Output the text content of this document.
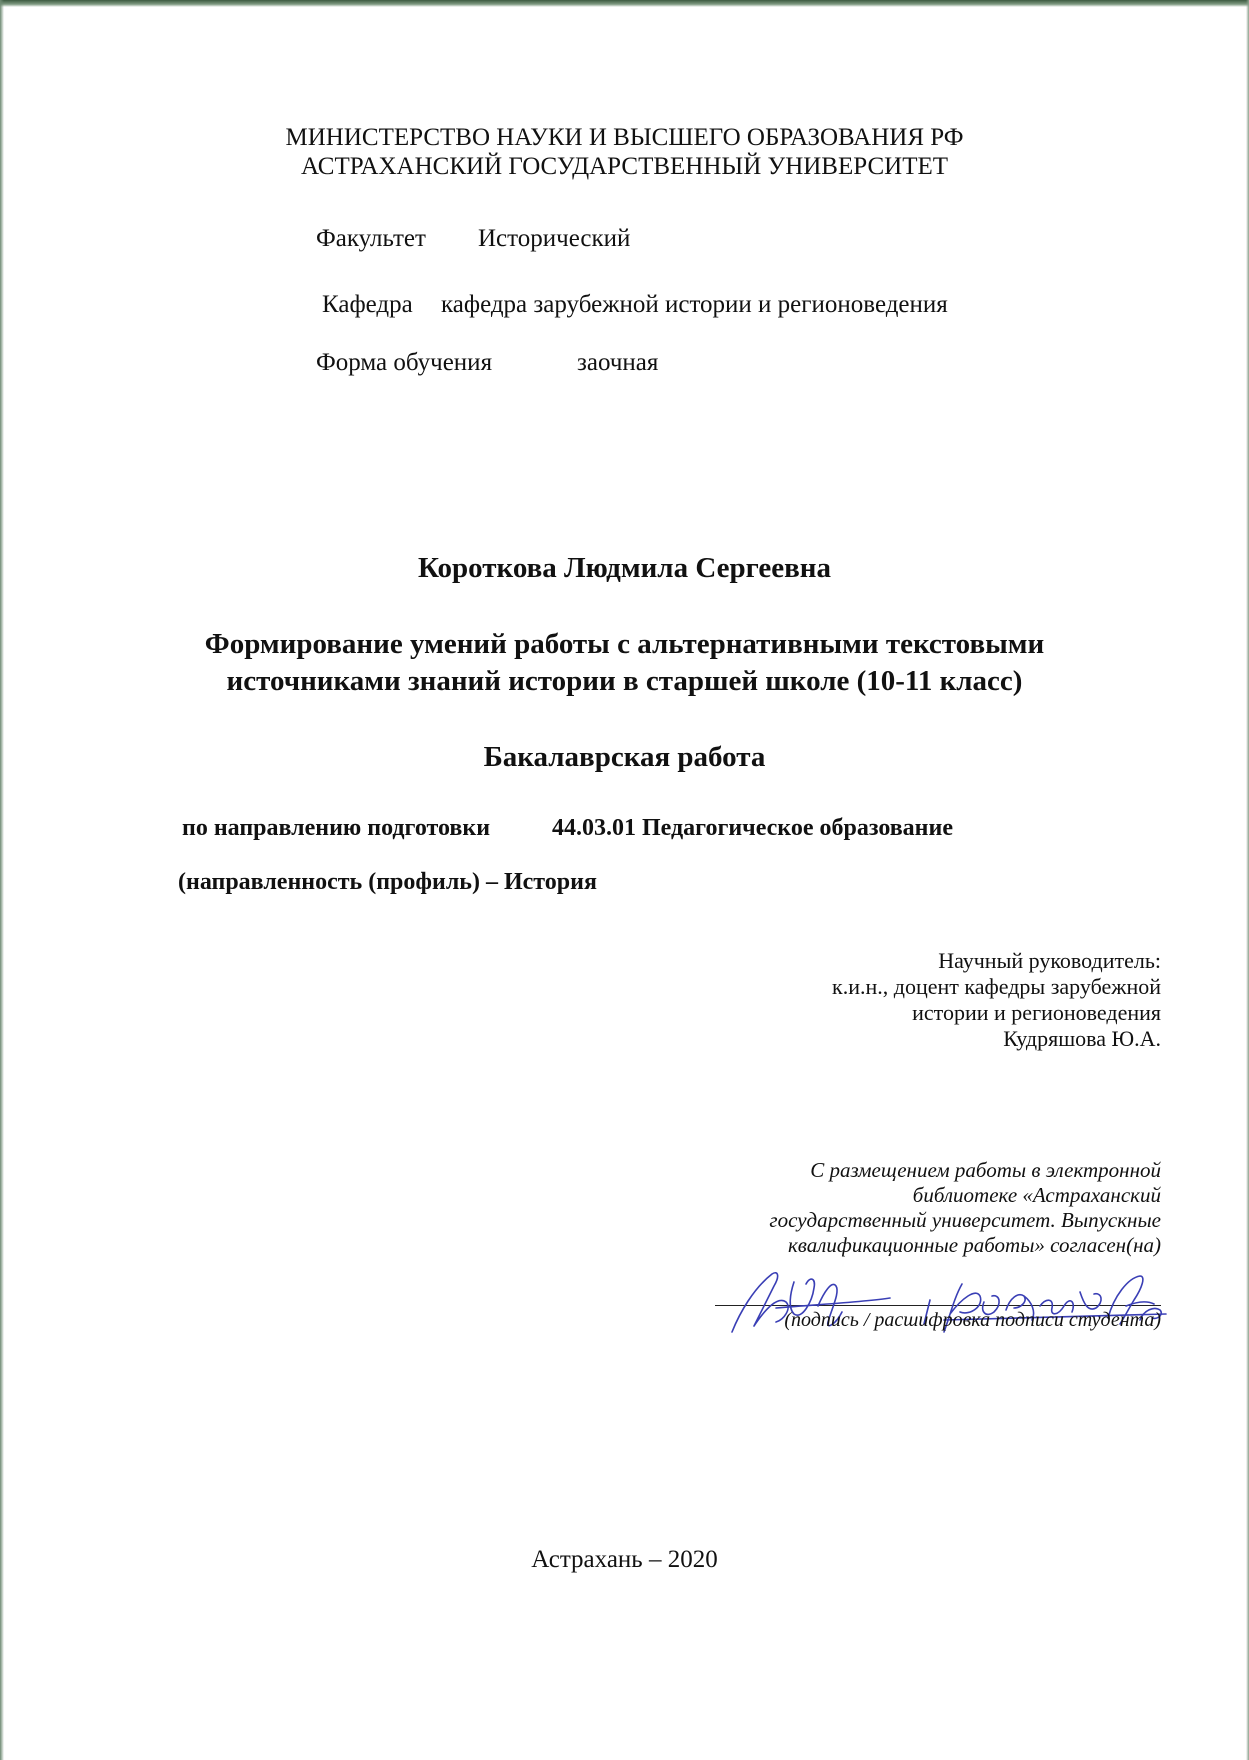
МИНИСТЕРСТВО НАУКИ И ВЫСШЕГО ОБРАЗОВАНИЯ РФ
АСТРАХАНСКИЙ ГОСУДАРСТВЕННЫЙ УНИВЕРСИТЕТ
Факультет Исторический
Кафедра кафедра зарубежной истории и регионоведения
Форма обучения	заочная
Короткова Людмила Сергеевна
Формирование умений работы с альтернативными текстовыми
источниками знаний истории в старшей школе (10-11 класс)
Бакалаврская работа
по направлению подготовки	44.03.01 Педагогическое образование
(направленность (профиль) – История
Научный руководитель:
к.и.н., доцент кафедры зарубежной
истории и регионоведения
Кудряшова Ю.А.
С размещением работы в электронной
библиотеке «Астраханский
государственный университет. Выпускные
квалификационные работы» согласен(на)
(подпись / расшифровка подписи студента)
Астрахань – 2020
